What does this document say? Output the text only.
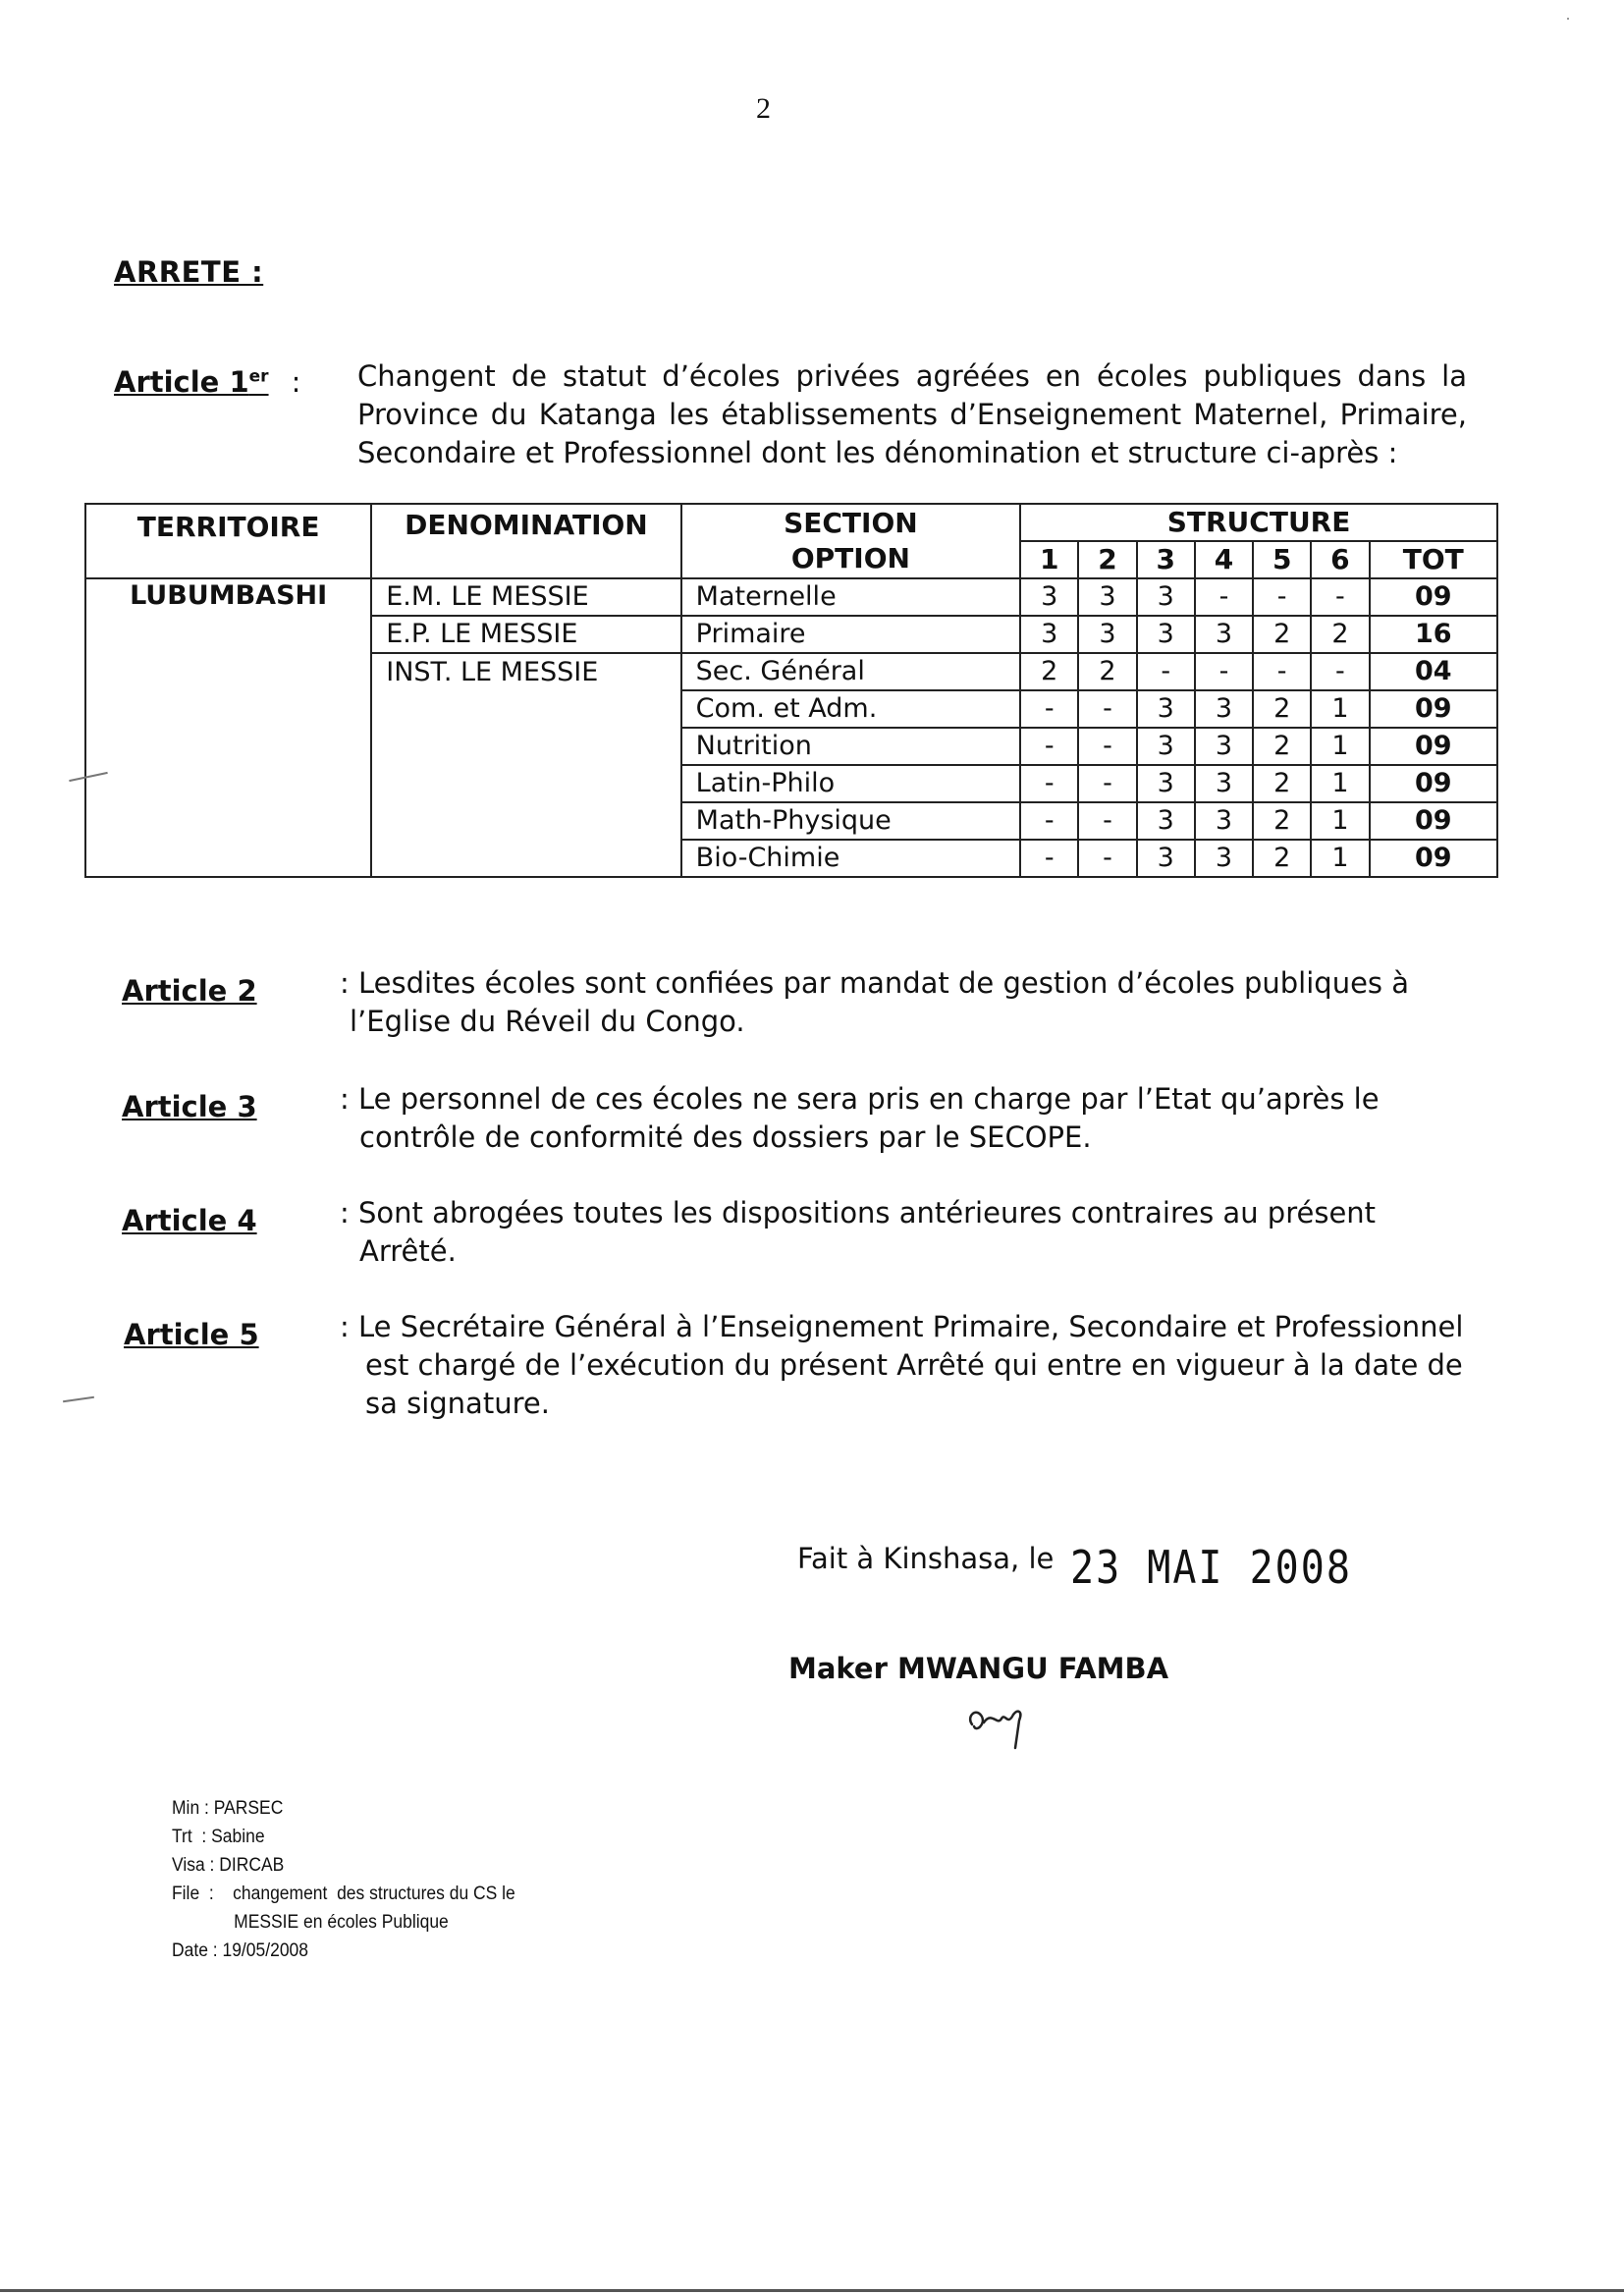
2
ARRETE :
Article 1er : Changent de statut d’écoles privées agréées en écoles publiques dans la
Province du Katanga les établissements d’Enseignement Maternel, Primaire,
Secondaire et Professionnel dont les dénomination et structure ci-après :
TERRITOIRE	DENOMINATION	SECTION
OPTION	STRUCTURE						
			1	2	3	4	5	6	TOT
LUBUMBASHI	E.M. LE MESSIE	Maternelle	3	3	3	-	-	-	09
	E.P. LE MESSIE	Primaire	3	3	3	3	2	2	16
	INST. LE MESSIE	Sec. Général	2	2	-	-	-	-	04
		Com. et Adm.	-	-	3	3	2	1	09
		Nutrition	-	-	3	3	2	1	09
		Latin-Philo	-	-	3	3	2	1	09
		Math-Physique	-	-	3	3	2	1	09
		Bio-Chimie	-	-	3	3	2	1	09
Article 2	: Lesdites écoles sont confiées par mandat de gestion d’écoles publiques à
l’Eglise du Réveil du Congo.
Article 3	: Le personnel de ces écoles ne sera pris en charge par l’Etat qu’après le
contrôle de conformité des dossiers par le SECOPE.
Article 4	: Sont abrogées toutes les dispositions antérieures contraires au présent
Arrêté.
Article 5	: Le Secrétaire Général à l’Enseignement Primaire, Secondaire et Professionnel
est chargé de l’exécution du présent Arrêté qui entre en vigueur à la date de
sa signature.
Fait à Kinshasa, le 23 MAI 2008
Maker MWANGU FAMBA
Min : PARSEC
Trt  : Sabine
Visa : DIRCAB
File  :    changement  des structures du CS le
MESSIE en écoles Publique
Date : 19/05/2008
